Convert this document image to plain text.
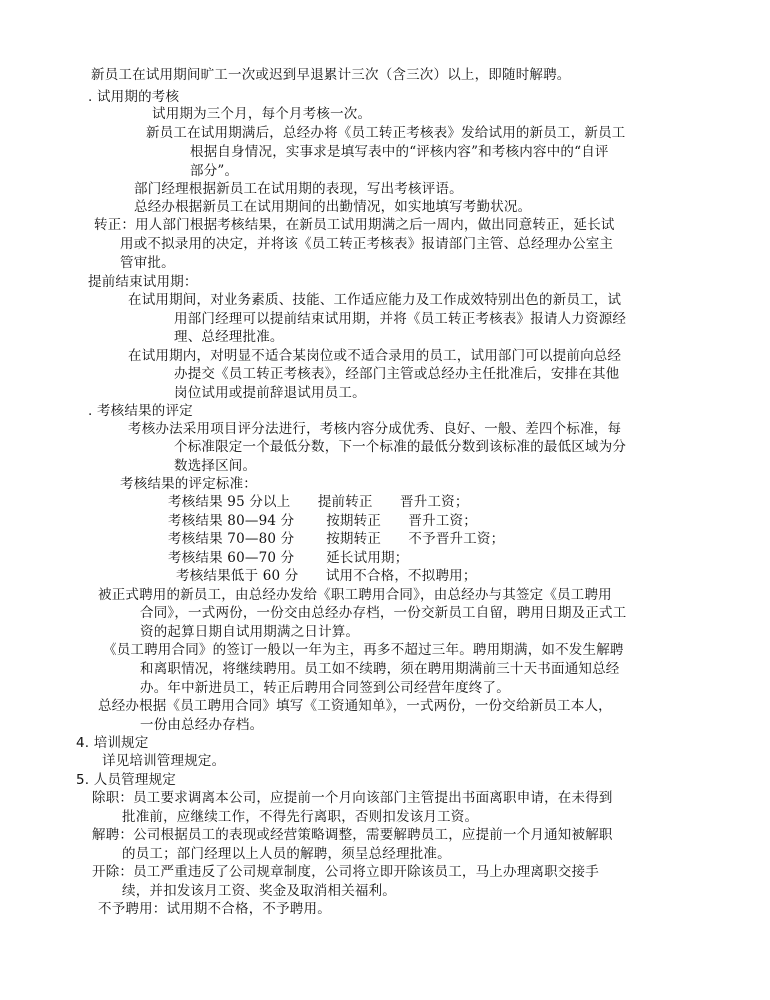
新员工在试用期间旷工一次或迟到早退累计三次（含三次）以上，即随时解聘。

. 试用期的考核

试用期为三个月，每个月考核一次。

新员工在试用期满后，总经办将《员工转正考核表》发给试用的新员工，新员工

根据自身情况，实事求是填写表中的“评核内容”和考核内容中的“自评

部分”。

部门经理根据新员工在试用期的表现，写出考核评语。

总经办根据新员工在试用期间的出勤情况，如实地填写考勤状况。

转正：用人部门根据考核结果，在新员工试用期满之后一周内，做出同意转正，延长试

用或不拟录用的决定，并将该《员工转正考核表》报请部门主管、总经理办公室主

管审批。

提前结束试用期：

在试用期间，对业务素质、技能、工作适应能力及工作成效特别出色的新员工，试

用部门经理可以提前结束试用期，并将《员工转正考核表》报请人力资源经

理、总经理批准。

在试用期内，对明显不适合某岗位或不适合录用的员工，试用部门可以提前向总经

办提交《员工转正考核表》，经部门主管或总经办主任批准后，安排在其他

岗位试用或提前辞退试用员工。

. 考核结果的评定

考核办法采用项目评分法进行，考核内容分成优秀、良好、一般、差四个标准，每

个标准限定一个最低分数，下一个标准的最低分数到该标准的最低区域为分

数选择区间。

考核结果的评定标准：

考核结果 95 分以上　　提前转正　　晋升工资；

考核结果 80—94 分　　 按期转正　　晋升工资；

考核结果 70—80 分　　 按期转正　　不予晋升工资；

考核结果 60—70 分　　 延长试用期；

考核结果低于 60 分　　试用不合格，不拟聘用；

被正式聘用的新员工，由总经办发给《职工聘用合同》，由总经办与其签定《员工聘用

合同》，一式两份，一份交由总经办存档，一份交新员工自留，聘用日期及正式工

资的起算日期自试用期满之日计算。

《员工聘用合同》的签订一般以一年为主，再多不超过三年。聘用期满，如不发生解聘

和离职情况，将继续聘用。员工如不续聘，须在聘用期满前三十天书面通知总经

办。年中新进员工，转正后聘用合同签到公司经营年度终了。

总经办根据《员工聘用合同》填写《工资通知单》，一式两份，一份交给新员工本人，

一份由总经办存档。

4. 培训规定

详见培训管理规定。

5. 人员管理规定

除职：员工要求调离本公司，应提前一个月向该部门主管提出书面离职申请，在未得到

批准前，应继续工作，不得先行离职，否则扣发该月工资。

解聘：公司根据员工的表现或经营策略调整，需要解聘员工，应提前一个月通知被解职

的员工；部门经理以上人员的解聘，须呈总经理批准。

开除：员工严重违反了公司规章制度，公司将立即开除该员工，马上办理离职交接手

续，并扣发该月工资、奖金及取消相关福利。

不予聘用：试用期不合格，不予聘用。
